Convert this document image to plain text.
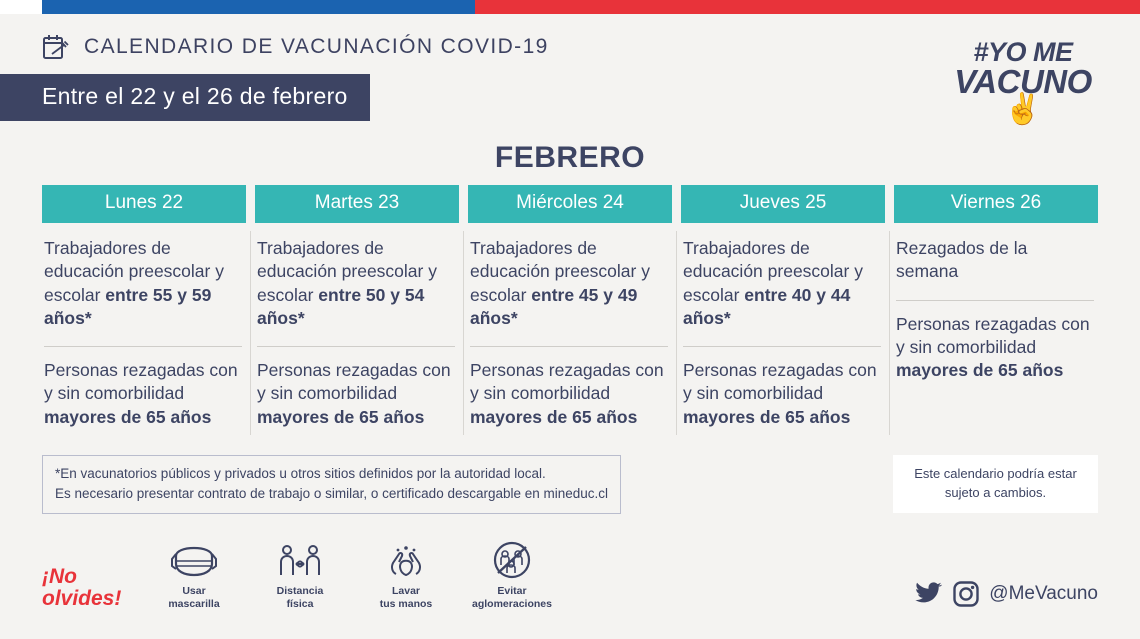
CALENDARIO DE VACUNACIÓN COVID-19
Entre el 22 y el 26 de febrero
#YO ME
VACUNO
✌
FEBRERO
Lunes 22
Trabajadores de educación preescolar y escolar entre 55 y 59 años*
Personas rezagadas con y sin comorbilidad mayores de 65 años
Martes 23
Trabajadores de educación preescolar y escolar entre 50 y 54 años*
Personas rezagadas con y sin comorbilidad mayores de 65 años
Miércoles 24
Trabajadores de educación preescolar y escolar entre 45 y 49 años*
Personas rezagadas con y sin comorbilidad mayores de 65 años
Jueves 25
Trabajadores de educación preescolar y escolar entre 40 y 44 años*
Personas rezagadas con y sin comorbilidad mayores de 65 años
Viernes 26
Rezagados de la semana
Personas rezagadas con y sin comorbilidad mayores de 65 años
*En vacunatorios públicos y privados u otros sitios definidos por la autoridad local.
Es necesario presentar contrato de trabajo o similar, o certificado descargable en mineduc.cl
Este calendario podría estar sujeto a cambios.
¡No
olvides!	Usar
mascarilla
Distancia
física
Lavar
tus manos
Evitar
aglomeraciones
@MeVacuno
